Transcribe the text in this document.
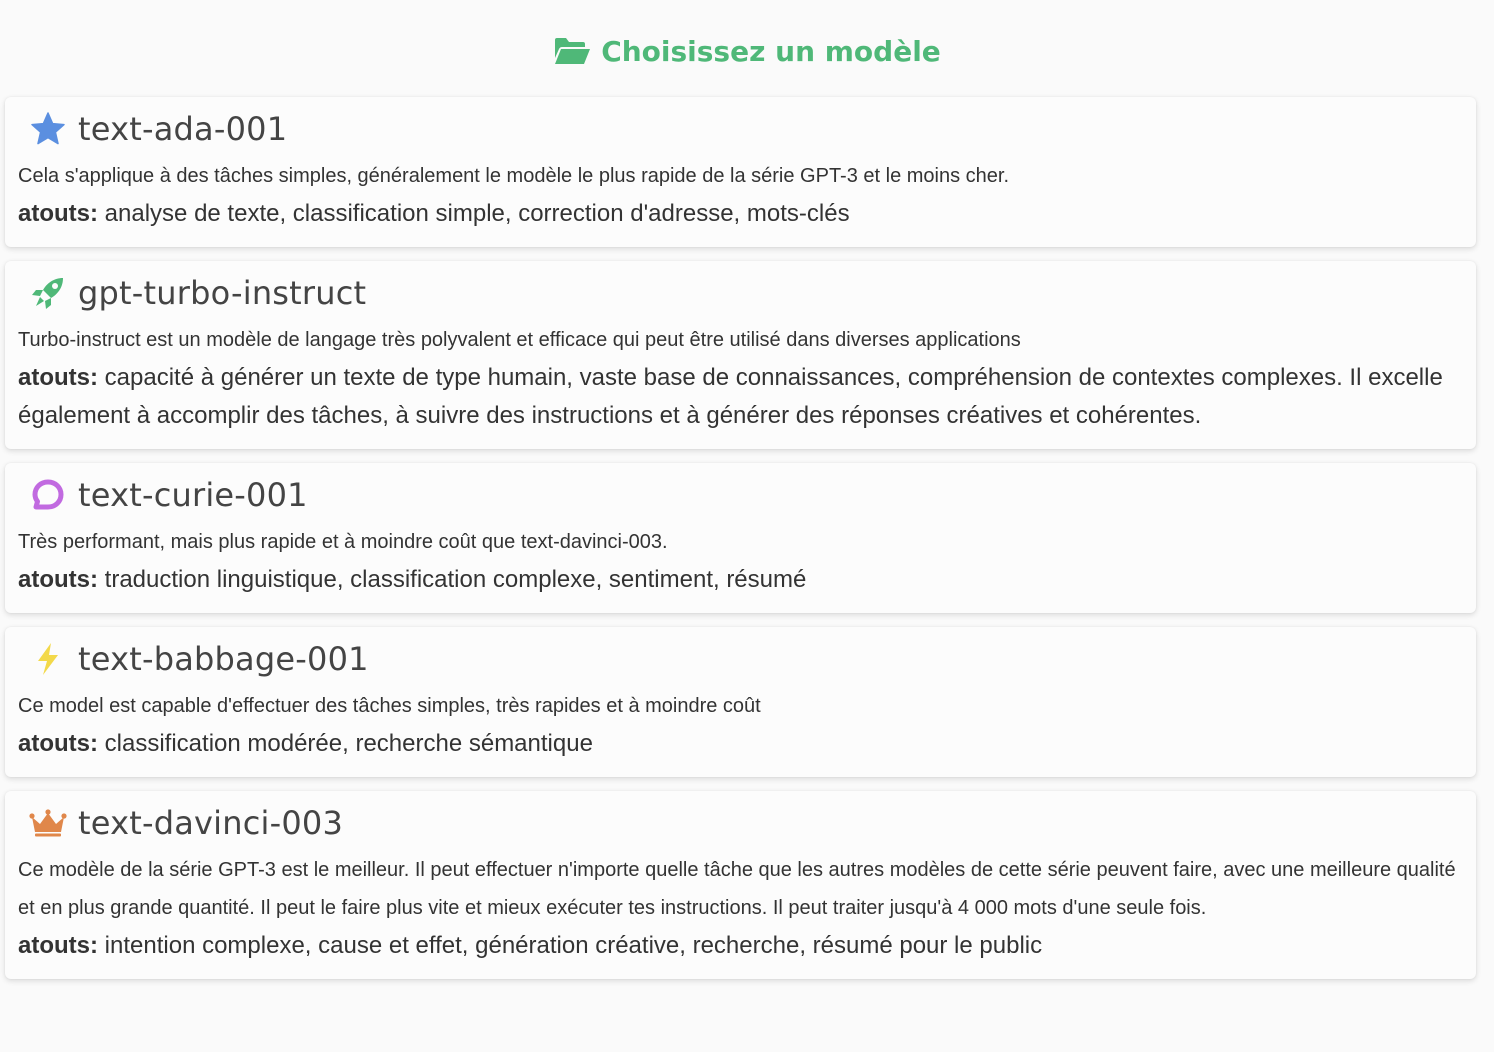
Choisissez un modèle
text-ada-001
Cela s'applique à des tâches simples, généralement le modèle le plus rapide de la série GPT-3 et le moins cher.
atouts: analyse de texte, classification simple, correction d'adresse, mots-clés
gpt-turbo-instruct
Turbo-instruct est un modèle de langage très polyvalent et efficace qui peut être utilisé dans diverses applications
atouts: capacité à générer un texte de type humain, vaste base de connaissances, compréhension de contextes complexes. Il excelle également à accomplir des tâches, à suivre des instructions et à générer des réponses créatives et cohérentes.
text-curie-001
Très performant, mais plus rapide et à moindre coût que text-davinci-003.
atouts: traduction linguistique, classification complexe, sentiment, résumé
text-babbage-001
Ce model est capable d'effectuer des tâches simples, très rapides et à moindre coût
atouts: classification modérée, recherche sémantique
text-davinci-003
Ce modèle de la série GPT-3 est le meilleur. Il peut effectuer n'importe quelle tâche que les autres modèles de cette série peuvent faire, avec une meilleure qualité et en plus grande quantité. Il peut le faire plus vite et mieux exécuter tes instructions. Il peut traiter jusqu'à 4 000 mots d'une seule fois.
atouts: intention complexe, cause et effet, génération créative, recherche, résumé pour le public
